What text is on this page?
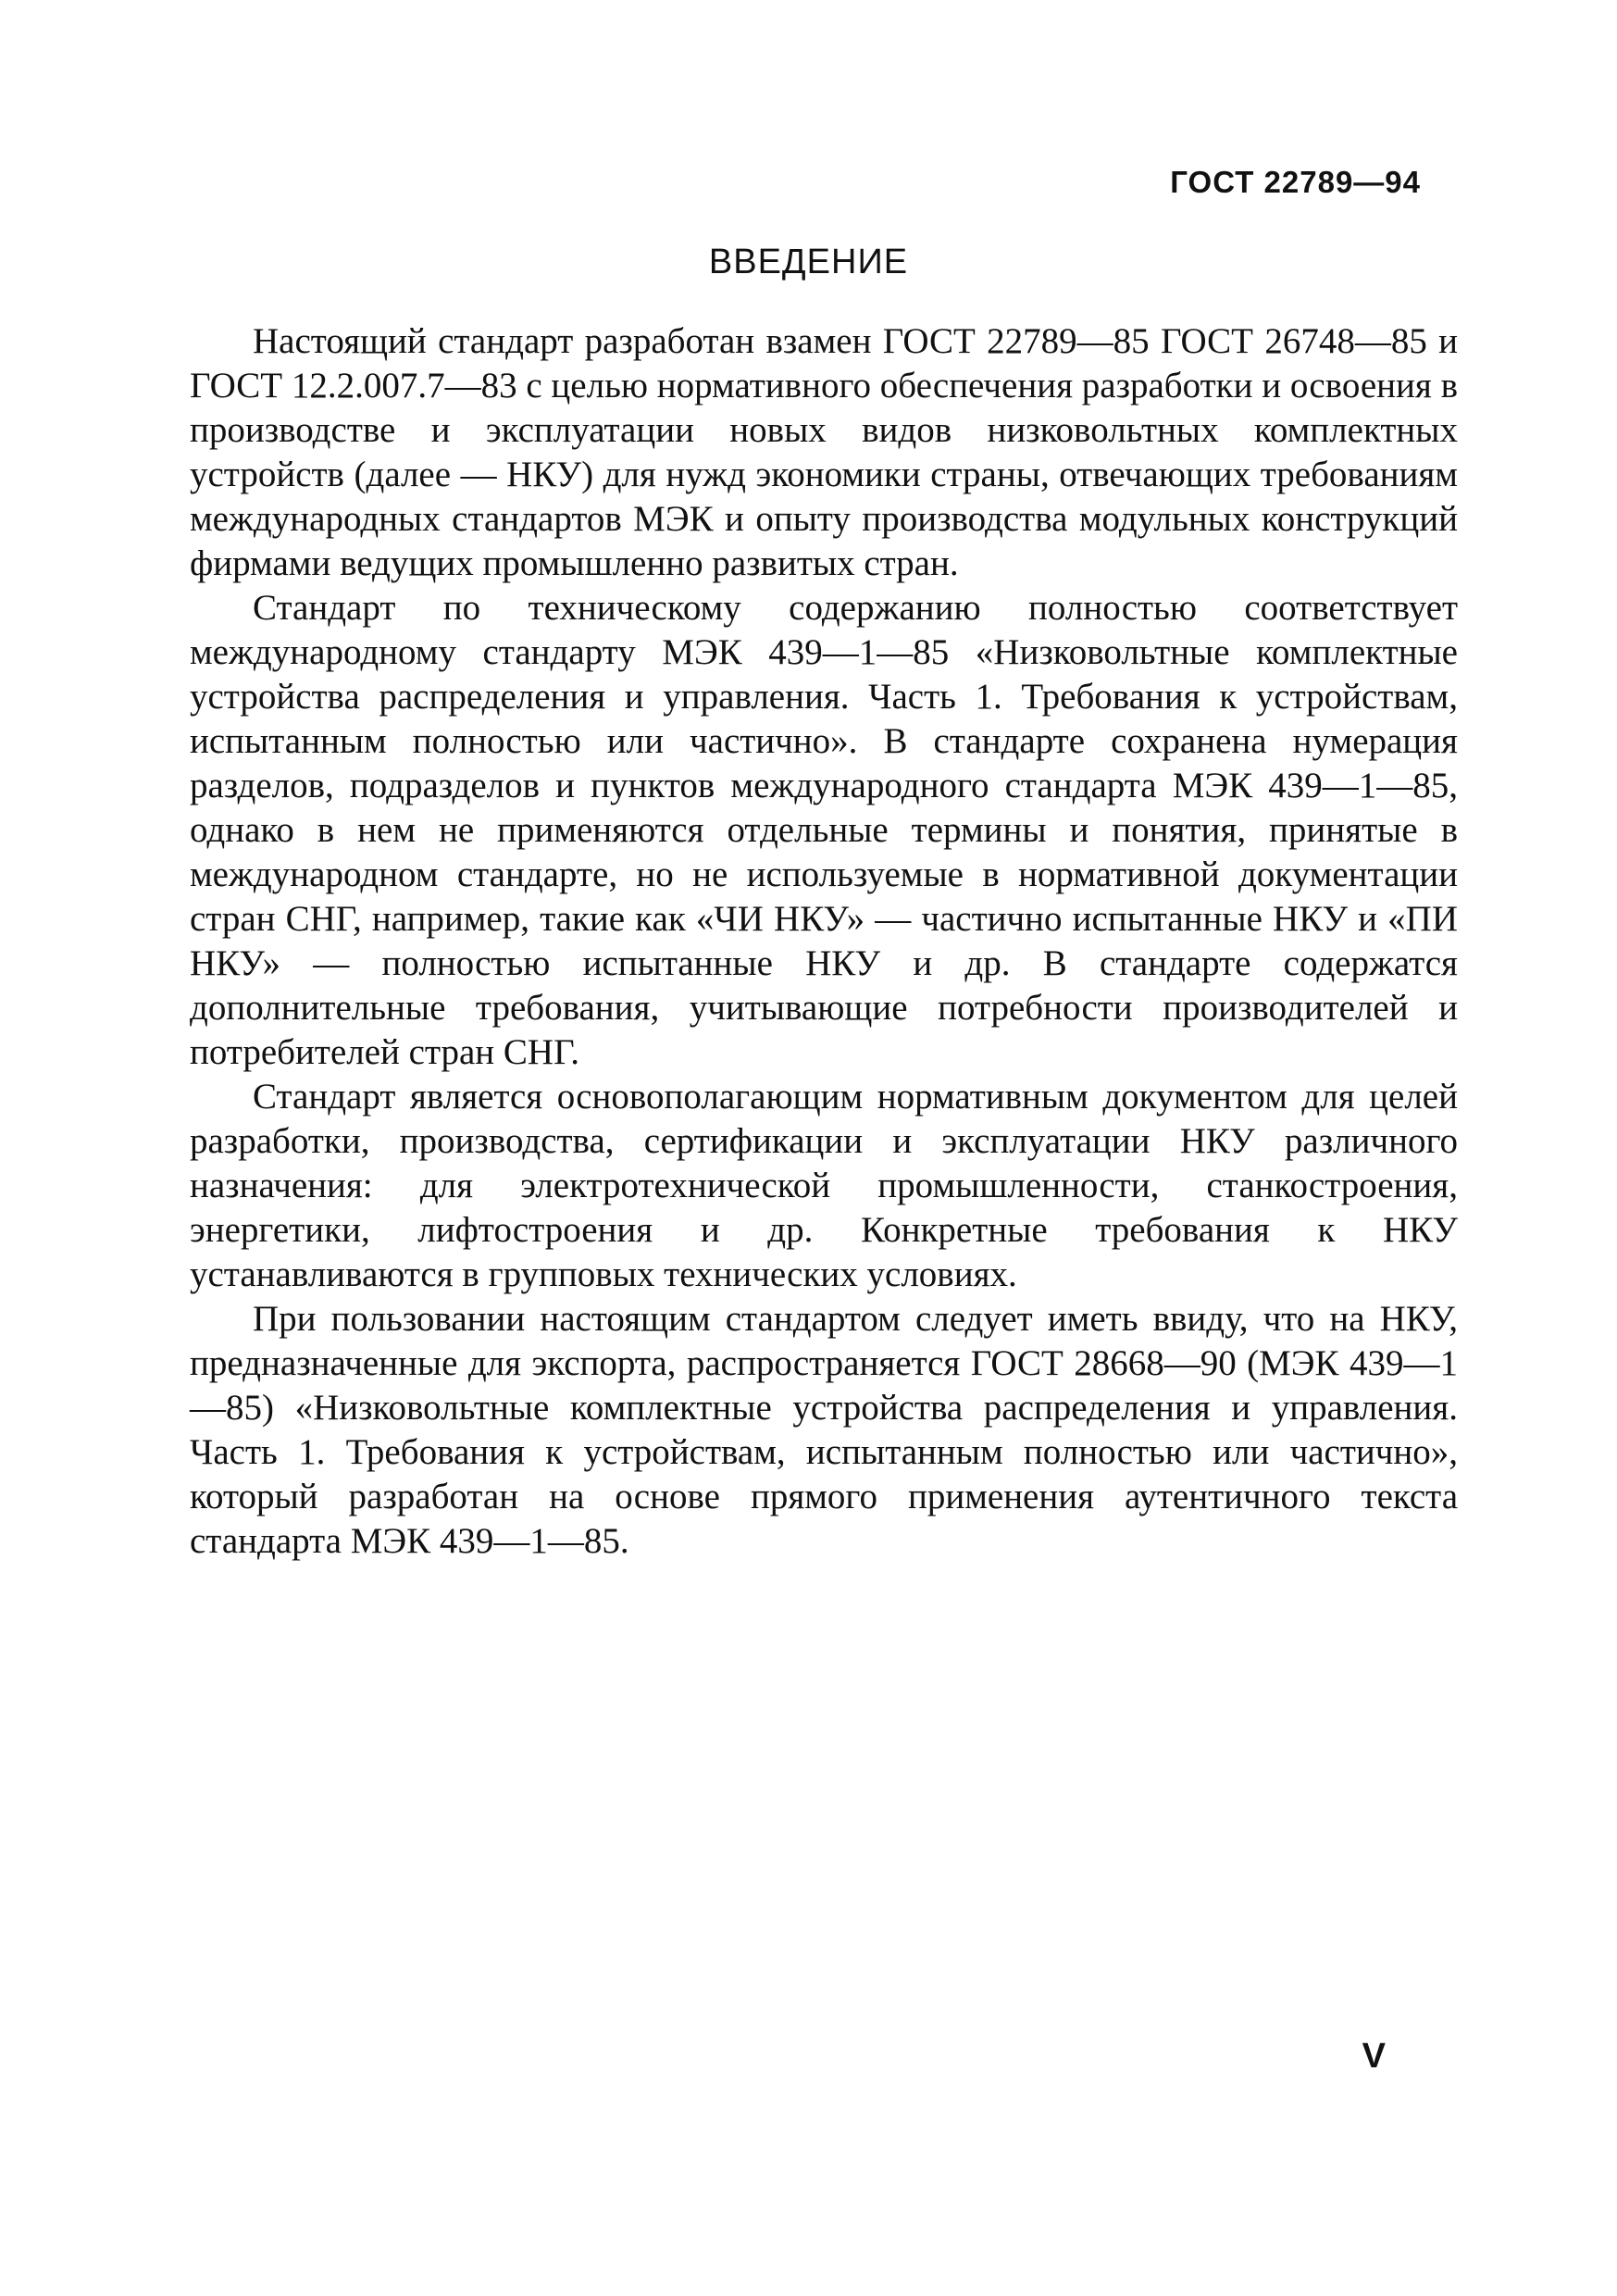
ГОСТ 22789—94
ВВЕДЕНИЕ

Настоящий стандарт разработан взамен ГОСТ 22789—85 ГОСТ 26748—85 и ГОСТ 12.2.007.7—83 с целью нормативного обеспечения разработки и освоения в производстве и эксплуатации новых видов низковольтных комплектных устройств (далее — НКУ) для нужд экономики страны, отвечающих требованиям международных стандартов МЭК и опыту производства модульных конструкций фирмами ведущих промышленно развитых стран.

Стандарт по техническому содержанию полностью соответствует международному стандарту МЭК 439—1—85 «Низковольтные комплектные устройства распределения и управления. Часть 1. Требования к устройствам, испытанным полностью или частично». В стандарте сохранена нумерация разделов, подразделов и пунктов международного стандарта МЭК 439—1—85, однако в нем не применяются отдельные термины и понятия, принятые в международном стандарте, но не используемые в нормативной документации стран СНГ, например, такие как «ЧИ НКУ» — частично испытанные НКУ и «ПИ НКУ» — полностью испытанные НКУ и др. В стандарте содержатся дополнительные требования, учитывающие потребности производителей и потребителей стран СНГ.

Стандарт является основополагающим нормативным документом для целей разработки, производства, сертификации и эксплуатации НКУ различного назначения: для электротехнической промышленности, станкостроения, энергетики, лифтостроения и др. Конкретные требования к НКУ устанавливаются в групповых технических условиях.

При пользовании настоящим стандартом следует иметь ввиду, что на НКУ, предназначенные для экспорта, распространяется ГОСТ 28668—90 (МЭК 439—1—85) «Низковольтные комплектные устройства распределения и управления. Часть 1. Требования к устройствам, испытанным полностью или частично», который разработан на основе прямого применения аутентичного текста стандарта МЭК 439—1—85.

V
